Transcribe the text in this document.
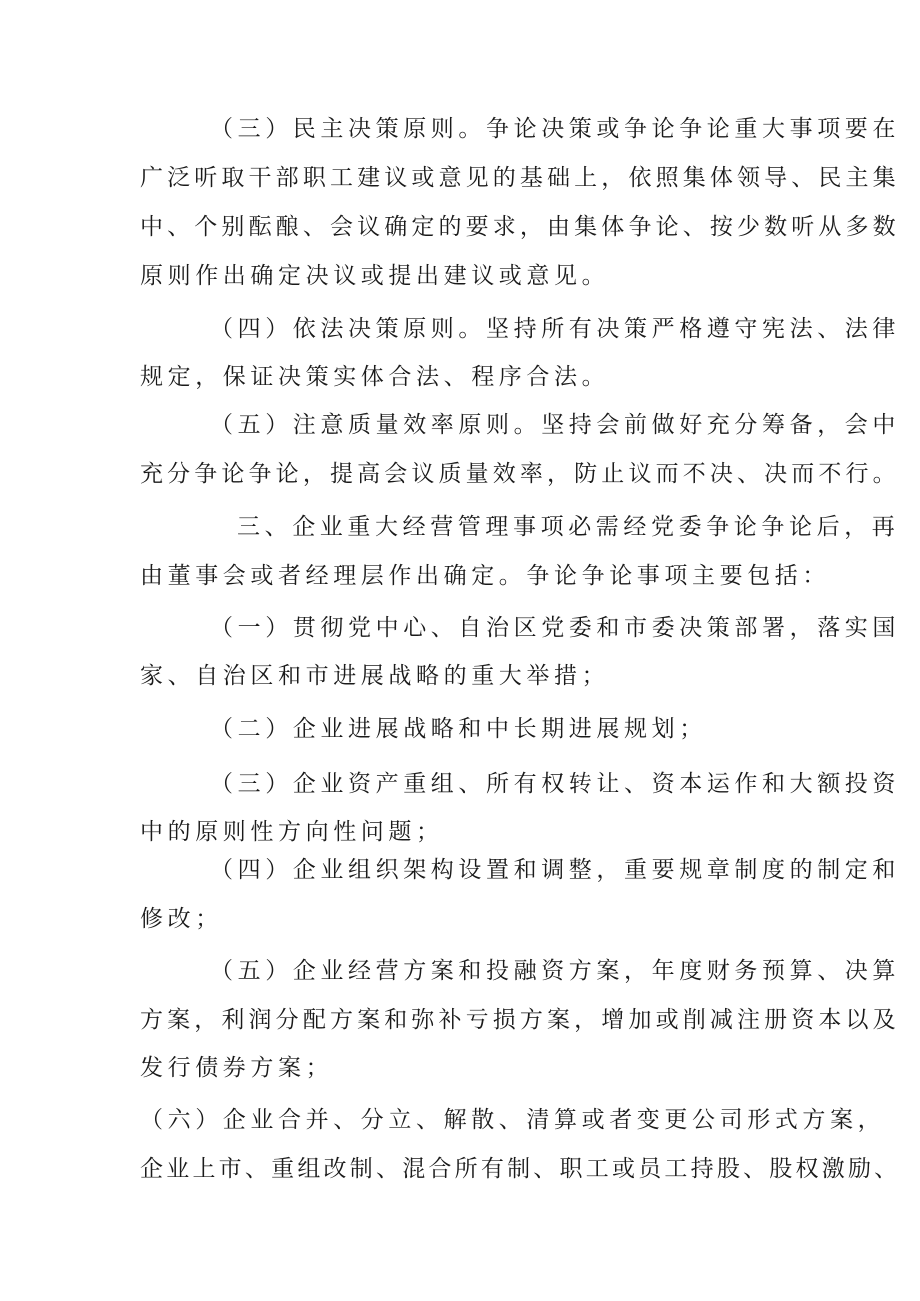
（三）民主决策原则。争论决策或争论争论重大事项要在
广泛听取干部职工建议或意见的基础上，依照集体领导、民主集
中、个别酝酿、会议确定的要求，由集体争论、按少数听从多数
原则作出确定决议或提出建议或意见。
（四）依法决策原则。坚持所有决策严格遵守宪法、法律
规定，保证决策实体合法、程序合法。
（五）注意质量效率原则。坚持会前做好充分筹备，会中
充分争论争论，提高会议质量效率，防止议而不决、决而不行。
三、企业重大经营管理事项必需经党委争论争论后，再
由董事会或者经理层作出确定。争论争论事项主要包括：
（一）贯彻党中心、自治区党委和市委决策部署，落实国
家、自治区和市进展战略的重大举措；
（二）企业进展战略和中长期进展规划；
（三）企业资产重组、所有权转让、资本运作和大额投资
中的原则性方向性问题；
（四）企业组织架构设置和调整，重要规章制度的制定和
修改；
（五）企业经营方案和投融资方案，年度财务预算、决算
方案，利润分配方案和弥补亏损方案，增加或削减注册资本以及
发行债券方案；
（六）企业合并、分立、解散、清算或者变更公司形式方案，
企业上市、重组改制、混合所有制、职工或员工持股、股权激励、
